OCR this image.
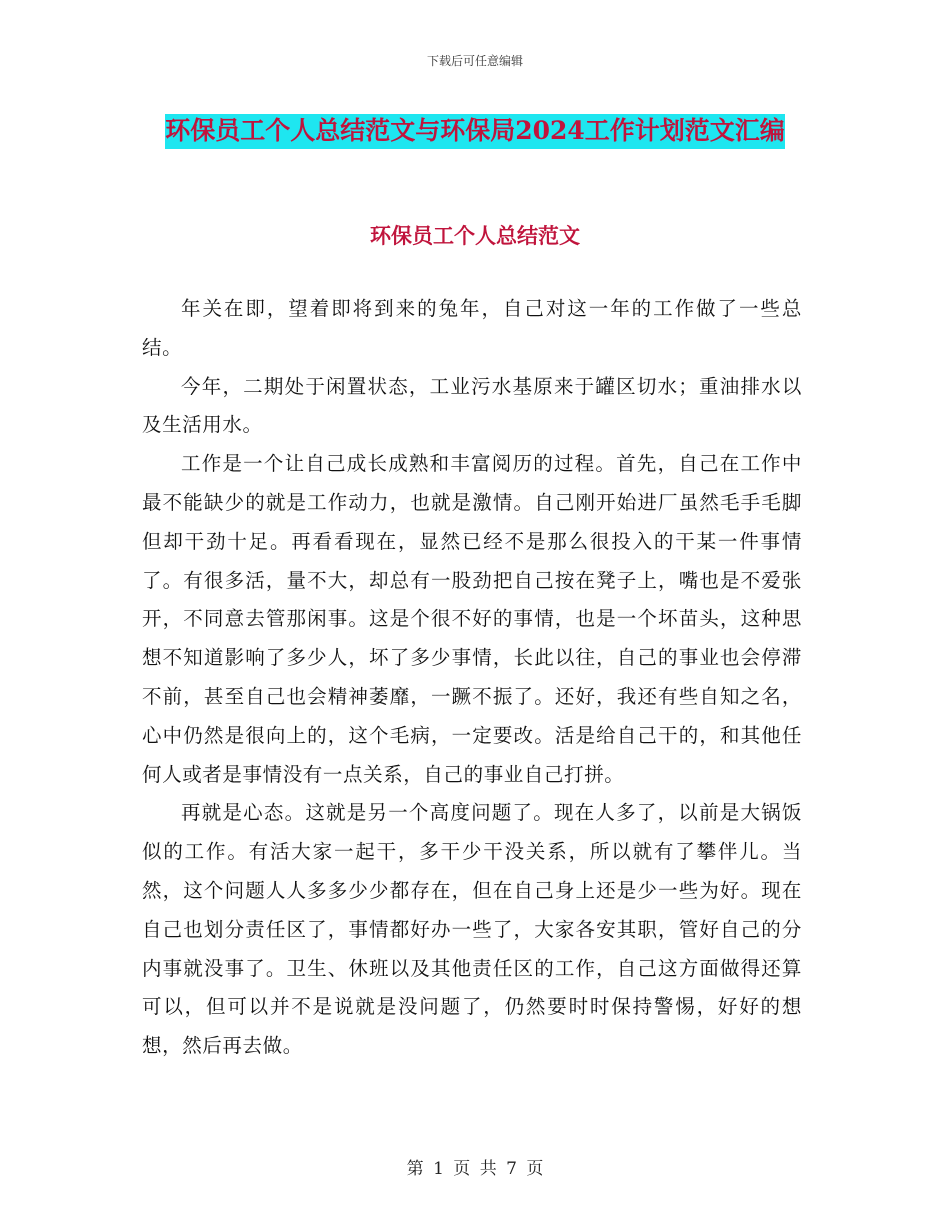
下载后可任意编辑
环保员工个人总结范文与环保局2024工作计划范文汇编
环保员工个人总结范文

年关在即，望着即将到来的兔年，自己对这一年的工作做了一些总结。

今年，二期处于闲置状态，工业污水基原来于罐区切水；重油排水以及生活用水。

工作是一个让自己成长成熟和丰富阅历的过程。首先，自己在工作中最不能缺少的就是工作动力，也就是激情。自己刚开始进厂虽然毛手毛脚但却干劲十足。再看看现在，显然已经不是那么很投入的干某一件事情了。有很多活，量不大，却总有一股劲把自己按在凳子上，嘴也是不爱张开，不同意去管那闲事。这是个很不好的事情，也是一个坏苗头，这种思想不知道影响了多少人，坏了多少事情，长此以往，自己的事业也会停滞不前，甚至自己也会精神萎靡，一蹶不振了。还好，我还有些自知之名，心中仍然是很向上的，这个毛病，一定要改。活是给自己干的，和其他任何人或者是事情没有一点关系，自己的事业自己打拼。

再就是心态。这就是另一个高度问题了。现在人多了，以前是大锅饭似的工作。有活大家一起干，多干少干没关系，所以就有了攀伴儿。当然，这个问题人人多多少少都存在，但在自己身上还是少一些为好。现在自己也划分责任区了，事情都好办一些了，大家各安其职，管好自己的分内事就没事了。卫生、休班以及其他责任区的工作，自己这方面做得还算可以，但可以并不是说就是没问题了，仍然要时时保持警惕，好好的想想，然后再去做。

第 1 页 共 7 页
